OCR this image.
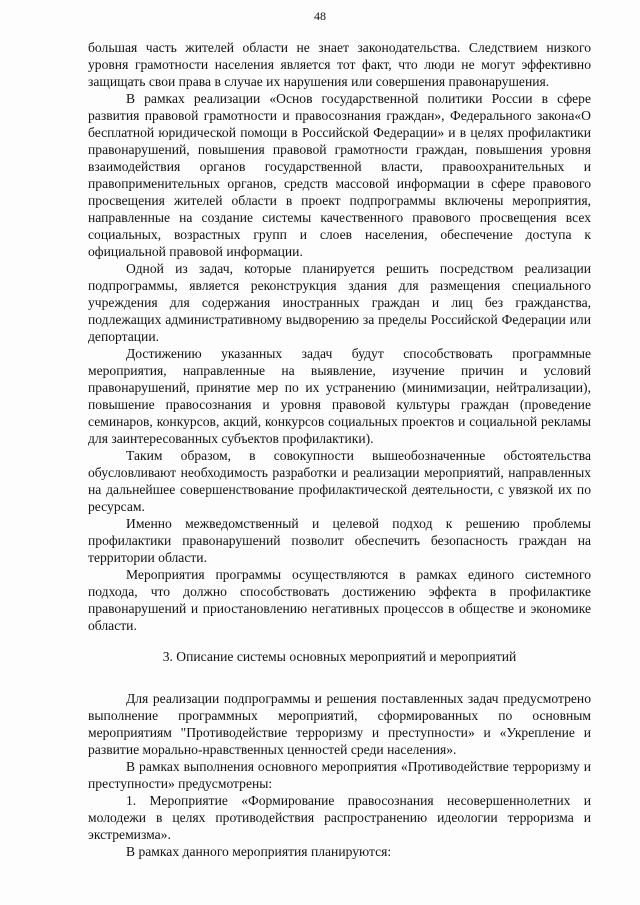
48

большая часть жителей области не знает законодательства. Следствием низкого уровня грамотности населения является тот факт, что люди не могут эффективно защищать свои права в случае их нарушения или совершения правонарушения.

В рамках реализации «Основ государственной политики России в сфере развития правовой грамотности и правосознания граждан», Федерального закона«О бесплатной юридической помощи в Российской Федерации» и в целях профилактики правонарушений, повышения правовой грамотности граждан, повышения уровня взаимодействия органов государственной власти, правоохранительных и правоприменительных органов, средств массовой информации в сфере правового просвещения жителей области в проект подпрограммы включены мероприятия, направленные на создание системы качественного правового просвещения всех социальных, возрастных групп и слоев населения, обеспечение доступа к официальной правовой информации.

Одной из задач, которые планируется решить посредством реализации подпрограммы, является реконструкция здания для размещения специального учреждения для содержания иностранных граждан и лиц без гражданства, подлежащих административному выдворению за пределы Российской Федерации или депортации.

Достижению указанных задач будут способствовать программные мероприятия, направленные на выявление, изучение причин и условий правонарушений, принятие мер по их устранению (минимизации, нейтрализации), повышение правосознания и уровня правовой культуры граждан (проведение семинаров, конкурсов, акций, конкурсов социальных проектов и социальной рекламы для заинтересованных субъектов профилактики).

Таким образом, в совокупности вышеобозначенные обстоятельства обусловливают необходимость разработки и реализации мероприятий, направленных на дальнейшее совершенствование профилактической деятельности, с увязкой их по ресурсам.

Именно межведомственный и целевой подход к решению проблемы профилактики правонарушений позволит обеспечить безопасность граждан на территории области.

Мероприятия программы осуществляются в рамках единого системного подхода, что должно способствовать достижению эффекта в профилактике правонарушений и приостановлению негативных процессов в обществе и экономике области.

3. Описание системы основных мероприятий и мероприятий

Для реализации подпрограммы и решения поставленных задач предусмотрено выполнение программных мероприятий, сформированных по основным мероприятиям "Противодействие терроризму и преступности» и «Укрепление и развитие морально-нравственных ценностей среди населения».

В рамках выполнения основного мероприятия «Противодействие терроризму и преступности» предусмотрены:

1. Мероприятие «Формирование правосознания несовершеннолетних и молодежи в целях противодействия распространению идеологии терроризма и экстремизма».

В рамках данного мероприятия планируются:
